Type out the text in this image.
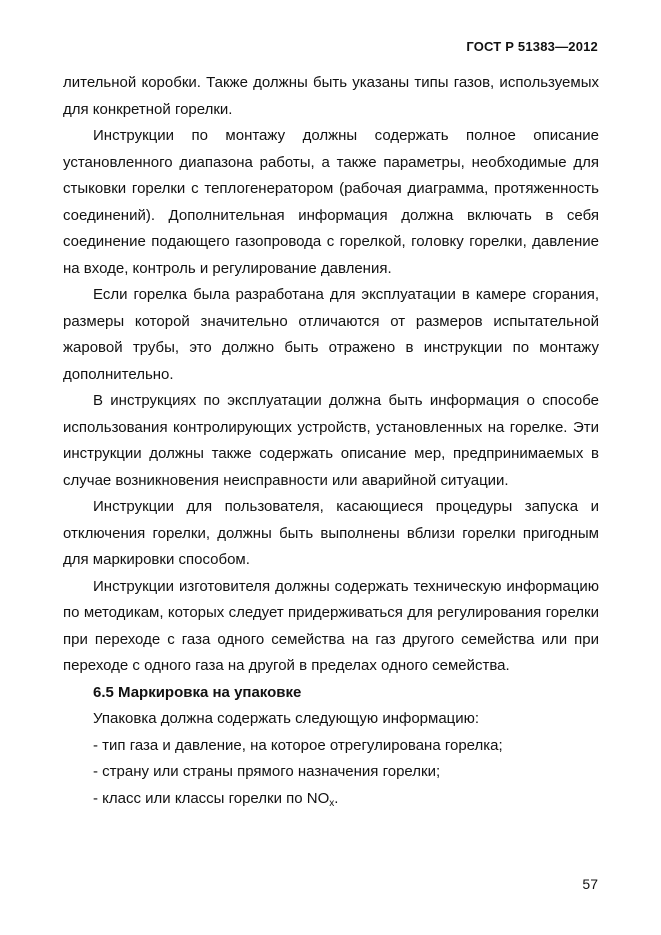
ГОСТ Р 51383—2012

лительной коробки. Также должны быть указаны типы газов, используемых для конкретной горелки.

Инструкции по монтажу должны содержать полное описание установленного диапазона работы, а также параметры, необходимые для стыковки горелки с теплогенератором (рабочая диаграмма, протяженность соединений). Дополнительная информация должна включать в себя соединение подающего газопровода с горелкой, головку горелки, давление на входе, контроль и регулирование давления.

Если горелка была разработана для эксплуатации в камере сгорания, размеры которой значительно отличаются от размеров испытательной жаровой трубы, это должно быть отражено в инструкции по монтажу дополнительно.

В инструкциях по эксплуатации должна быть информация о способе использования контролирующих устройств, установленных на горелке. Эти инструкции должны также содержать описание мер, предпринимаемых в случае возникновения неисправности или аварийной ситуации.

Инструкции для пользователя, касающиеся процедуры запуска и отключения горелки, должны быть выполнены вблизи горелки пригодным для маркировки способом.

Инструкции изготовителя должны содержать техническую информацию по методикам, которых следует придерживаться для регулирования горелки при переходе с газа одного семейства на газ другого семейства или при переходе с одного газа на другой в пределах одного семейства.

6.5 Маркировка на упаковке

Упаковка должна содержать следующую информацию:

- тип газа и давление, на которое отрегулирована горелка;

- страну или страны прямого назначения горелки;

- класс или классы горелки по $NO_x$.

57
